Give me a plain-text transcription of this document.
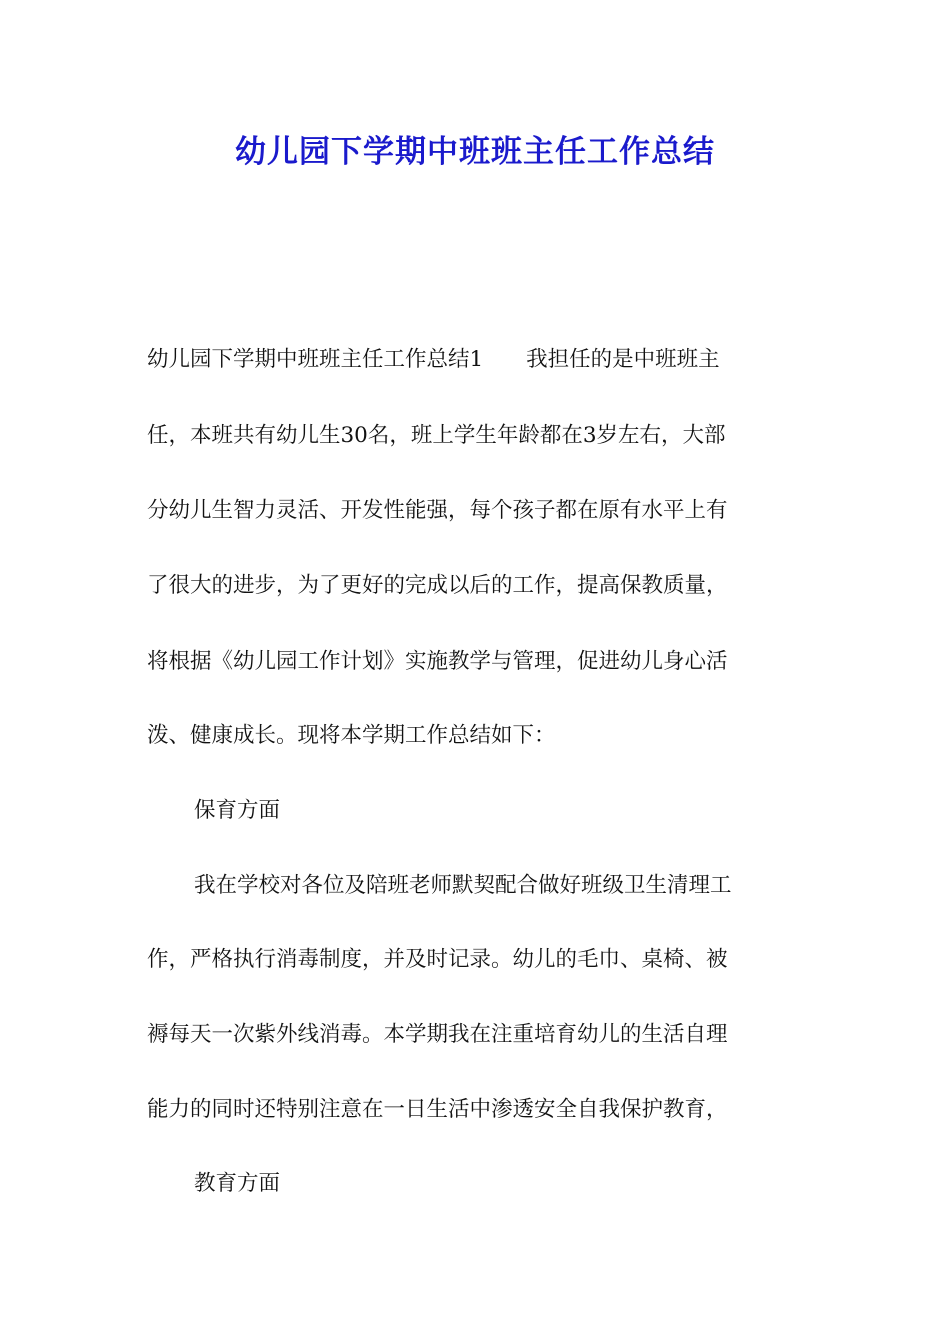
幼儿园下学期中班班主任工作总结

幼儿园下学期中班班主任工作总结1　　我担任的是中班班主

任，本班共有幼儿生30名，班上学生年龄都在3岁左右，大部

分幼儿生智力灵活、开发性能强，每个孩子都在原有水平上有

了很大的进步，为了更好的完成以后的工作，提高保教质量，

将根据《幼儿园工作计划》实施教学与管理，促进幼儿身心活

泼、健康成长。现将本学期工作总结如下：

保育方面

我在学校对各位及陪班老师默契配合做好班级卫生清理工

作，严格执行消毒制度，并及时记录。幼儿的毛巾、桌椅、被

褥每天一次紫外线消毒。本学期我在注重培育幼儿的生活自理

能力的同时还特别注意在一日生活中渗透安全自我保护教育，

教育方面
